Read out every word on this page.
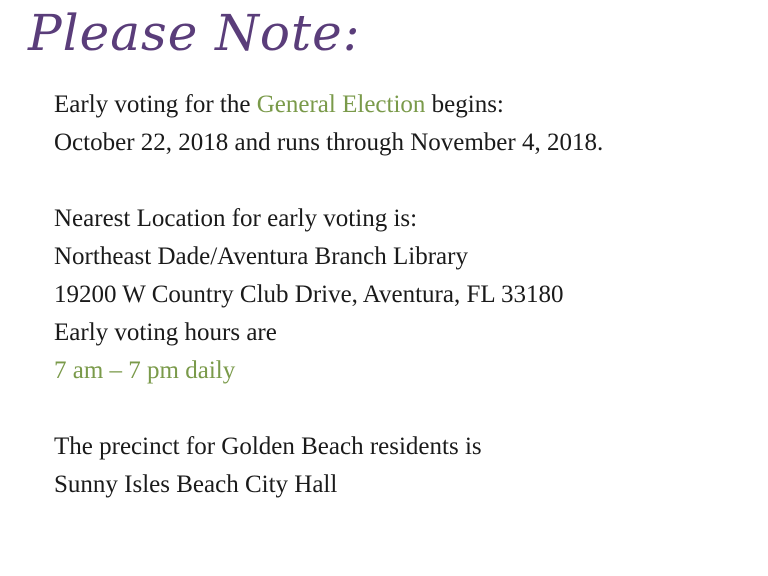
Please Note:
Early voting for the General Election begins:
October 22, 2018 and runs through November 4, 2018.
Nearest Location for early voting is:
Northeast Dade/Aventura Branch Library
19200 W Country Club Drive, Aventura, FL 33180
Early voting hours are
7 am – 7 pm daily
The precinct for Golden Beach residents is
Sunny Isles Beach City Hall
